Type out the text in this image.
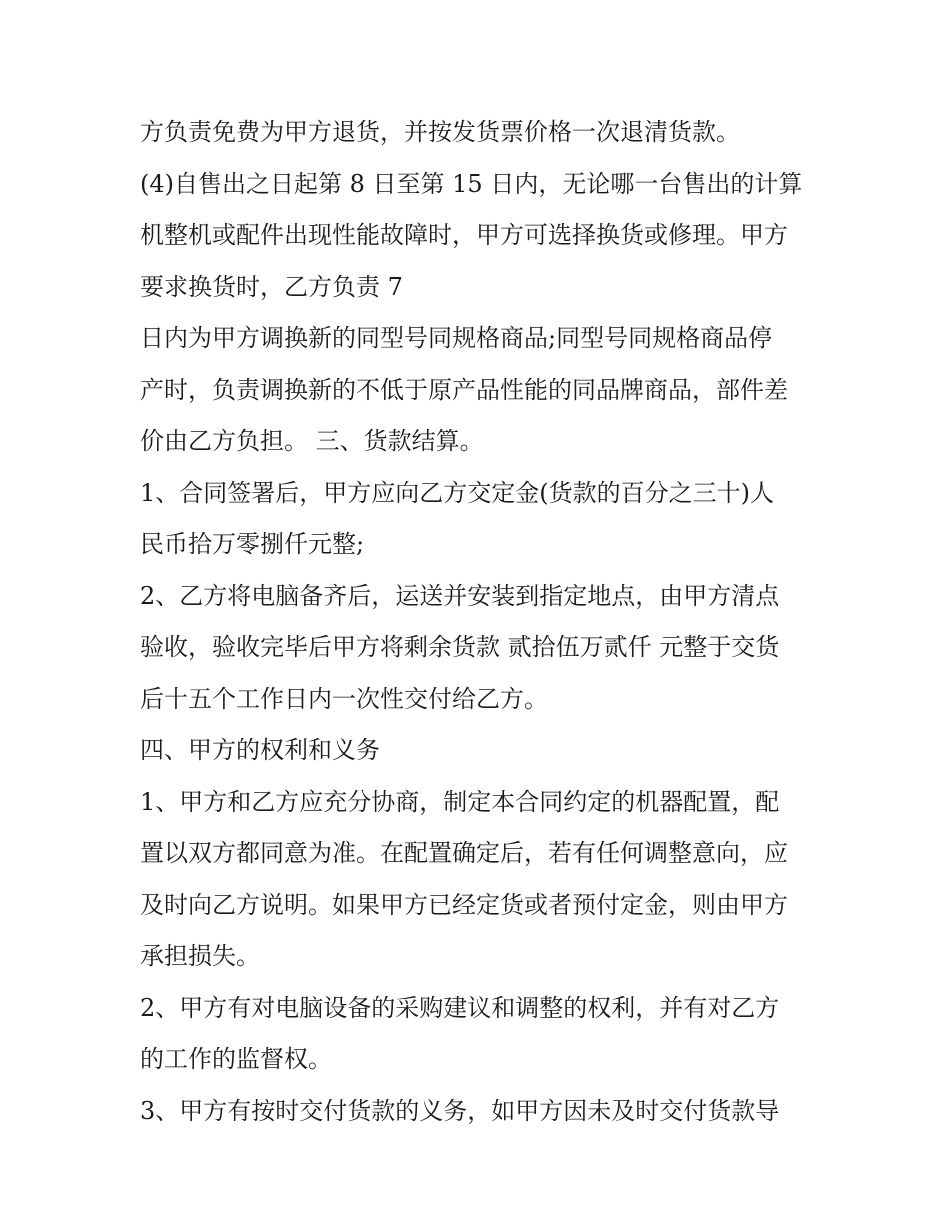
方负责免费为甲方退货，并按发货票价格一次退清货款。
(4)自售出之日起第 8 日至第 15 日内，无论哪一台售出的计算
机整机或配件出现性能故障时，甲方可选择换货或修理。甲方
要求换货时，乙方负责 7
日内为甲方调换新的同型号同规格商品;同型号同规格商品停
产时，负责调换新的不低于原产品性能的同品牌商品，部件差
价由乙方负担。 三、货款结算。
1、合同签署后，甲方应向乙方交定金(货款的百分之三十)人
民币拾万零捌仟元整;
2、乙方将电脑备齐后，运送并安装到指定地点，由甲方清点
验收，验收完毕后甲方将剩余货款 贰拾伍万贰仟 元整于交货
后十五个工作日内一次性交付给乙方。
四、甲方的权利和义务
1、甲方和乙方应充分协商，制定本合同约定的机器配置，配
置以双方都同意为准。在配置确定后，若有任何调整意向，应
及时向乙方说明。如果甲方已经定货或者预付定金，则由甲方
承担损失。
2、甲方有对电脑设备的采购建议和调整的权利，并有对乙方
的工作的监督权。
3、甲方有按时交付货款的义务，如甲方因未及时交付货款导
